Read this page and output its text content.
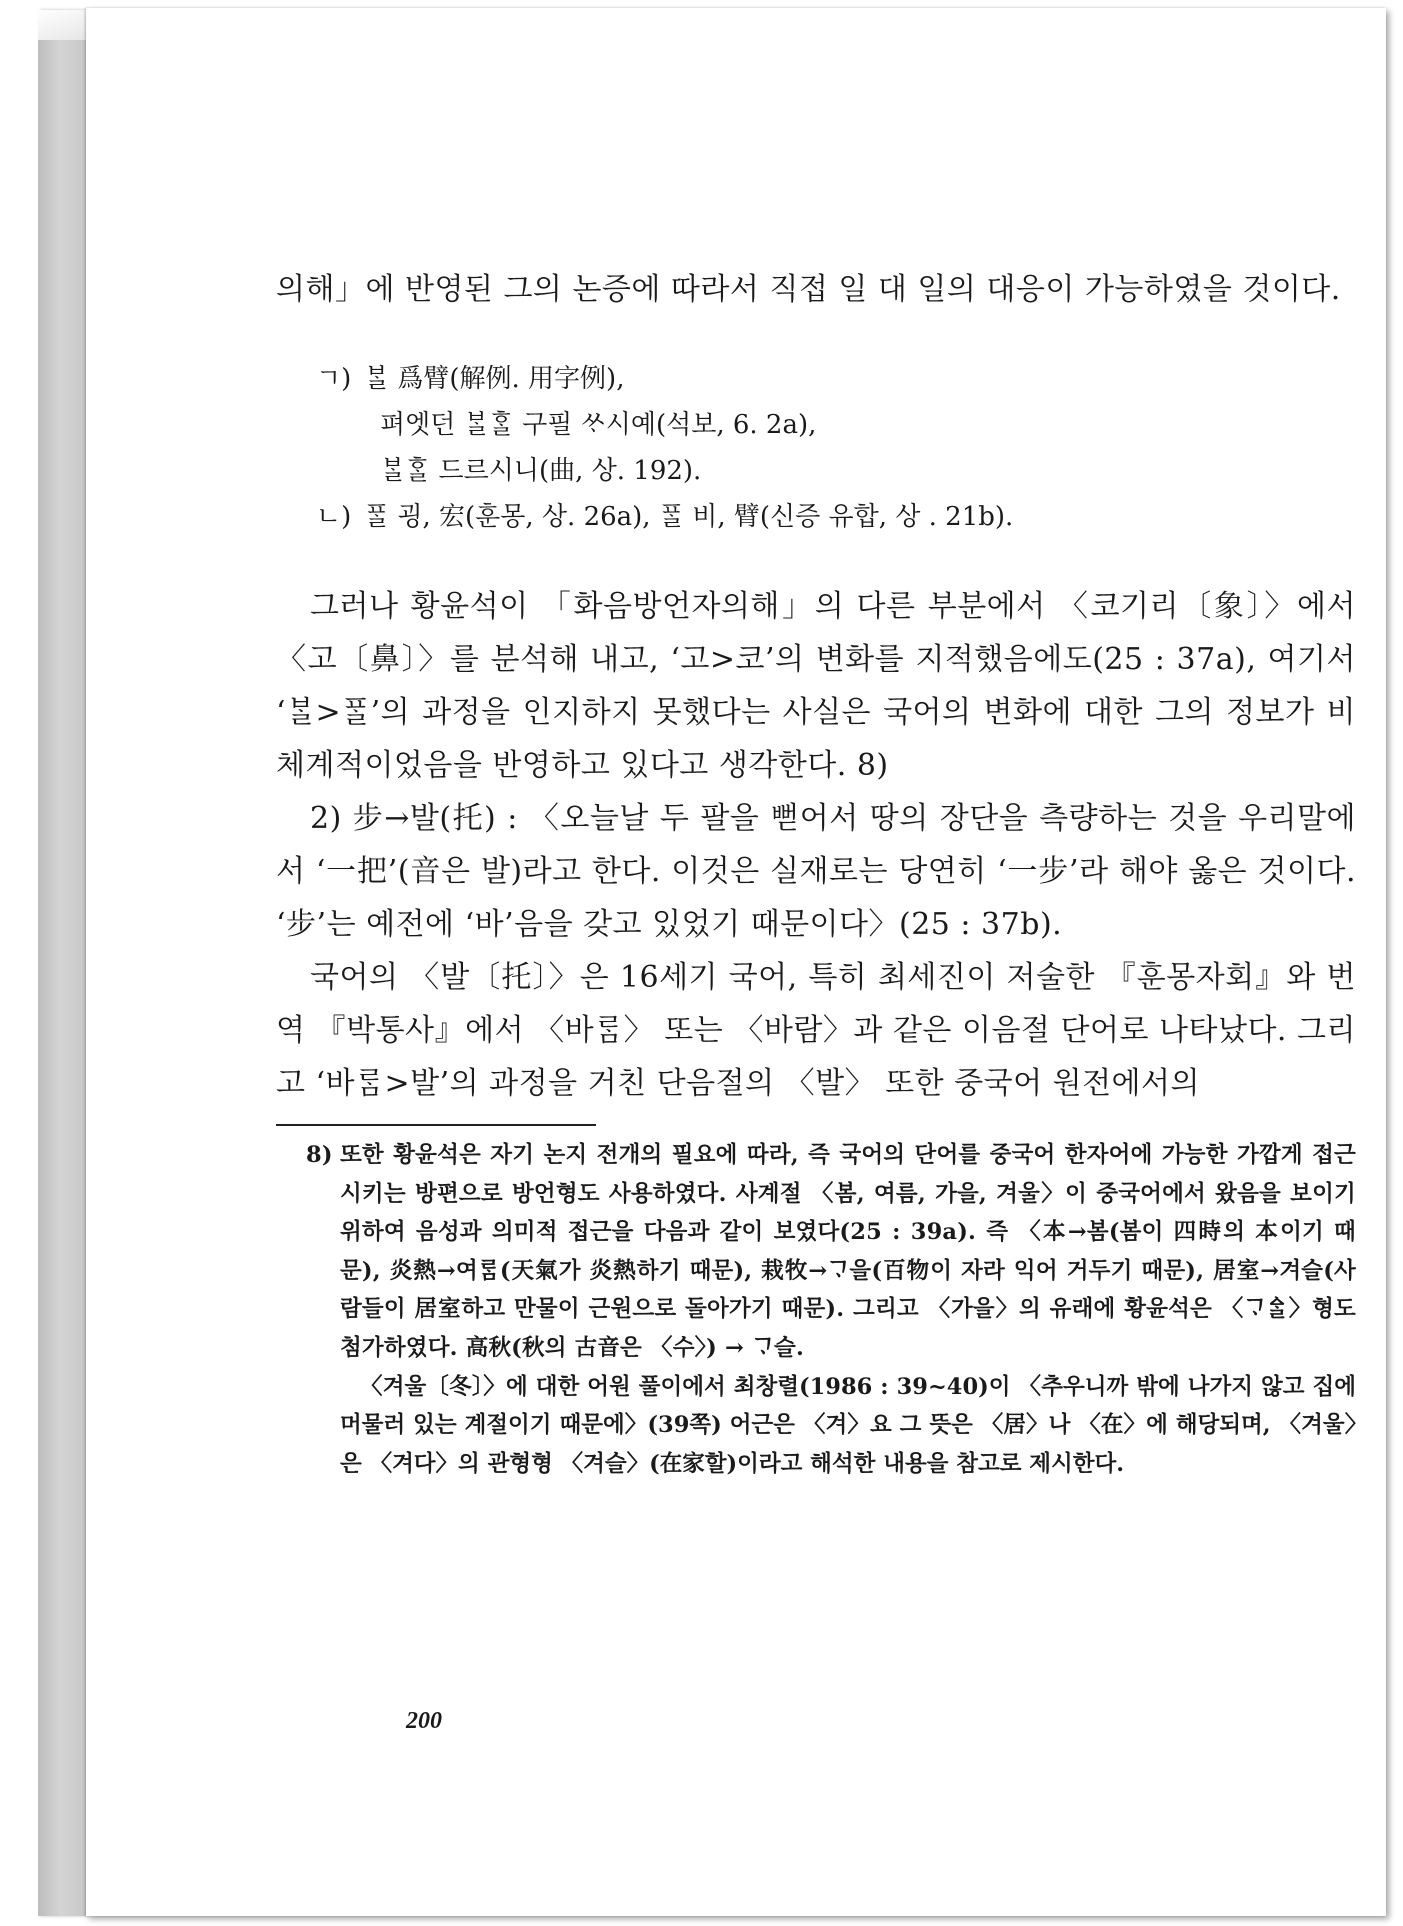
의해」에 반영된 그의 논증에 따라서 직접 일 대 일의 대응이 가능하였을 것이다.

ㄱ) ᄇᆞᆯ 爲臂(解例. 用字例),

펴엣던 ᄇᆞᆯᄒᆞᆯ 구필 ᄊᆞ시예(석보, 6. 2a),

ᄇᆞᆯᄒᆞᆯ 드르시니(曲, 상. 192).

ㄴ) ᄑᆞᆯ 굉, 宏(훈몽, 상. 26a), ᄑᆞᆯ 비, 臂(신증 유합, 상 . 21b).

그러나 황윤석이 「화음방언자의해」의 다른 부분에서 〈코기리〔象〕〉에서 〈고〔鼻〕〉를 분석해 내고, ‘고>코’의 변화를 지적했음에도(25 : 37a), 여기서 ‘ᄇᆞᆯ>ᄑᆞᆯ’의 과정을 인지하지 못했다는 사실은 국어의 변화에 대한 그의 정보가 비체계적이었음을 반영하고 있다고 생각한다. 8)

2) 步→발(托) : 〈오늘날 두 팔을 뻗어서 땅의 장단을 측량하는 것을 우리말에서 ‘一把’(音은 발)라고 한다. 이것은 실재로는 당연히 ‘一步’라 해야 옳은 것이다. ‘步’는 예전에 ‘바’음을 갖고 있었기 때문이다〉(25 : 37b).

국어의 〈발〔托〕〉은 16세기 국어, 특히 최세진이 저술한 『훈몽자회』와 번역 『박통사』에서 〈바ᄅᆞᆷ〉 또는 〈바람〉과 같은 이음절 단어로 나타났다. 그리고 ‘바ᄅᆞᆷ>발’의 과정을 거친 단음절의 〈발〉 또한 중국어 원전에서의

8) 또한 황윤석은 자기 논지 전개의 필요에 따라, 즉 국어의 단어를 중국어 한자어에 가능한 가깝게 접근시키는 방편으로 방언형도 사용하였다. 사계절 〈봄, 여름, 가을, 겨울〉이 중국어에서 왔음을 보이기 위하여 음성과 의미적 접근을 다음과 같이 보였다(25 : 39a). 즉 〈本→봄(봄이 四時의 本이기 때문), 炎熱→여ᄅᆞᆷ(天氣가 炎熱하기 때문), 栽牧→ᄀᆞ을(百物이 자라 익어 거두기 때문), 居室→겨슬(사람들이 居室하고 만물이 근원으로 돌아가기 때문). 그리고 〈가을〉의 유래에 황윤석은 〈ᄀᆞᅀᆞᆯ〉형도 첨가하였다. 高秋(秋의 古音은 〈수〉) → ᄀᆞ슬.

〈겨울〔冬〕〉에 대한 어원 풀이에서 최창렬(1986 : 39~40)이 〈추우니까 밖에 나가지 않고 집에 머물러 있는 계절이기 때문에〉(39쪽) 어근은 〈겨〉요 그 뜻은 〈居〉나 〈在〉에 해당되며, 〈겨울〉은 〈겨다〉의 관형형 〈겨슬〉(在家할)이라고 해석한 내용을 참고로 제시한다.

200
